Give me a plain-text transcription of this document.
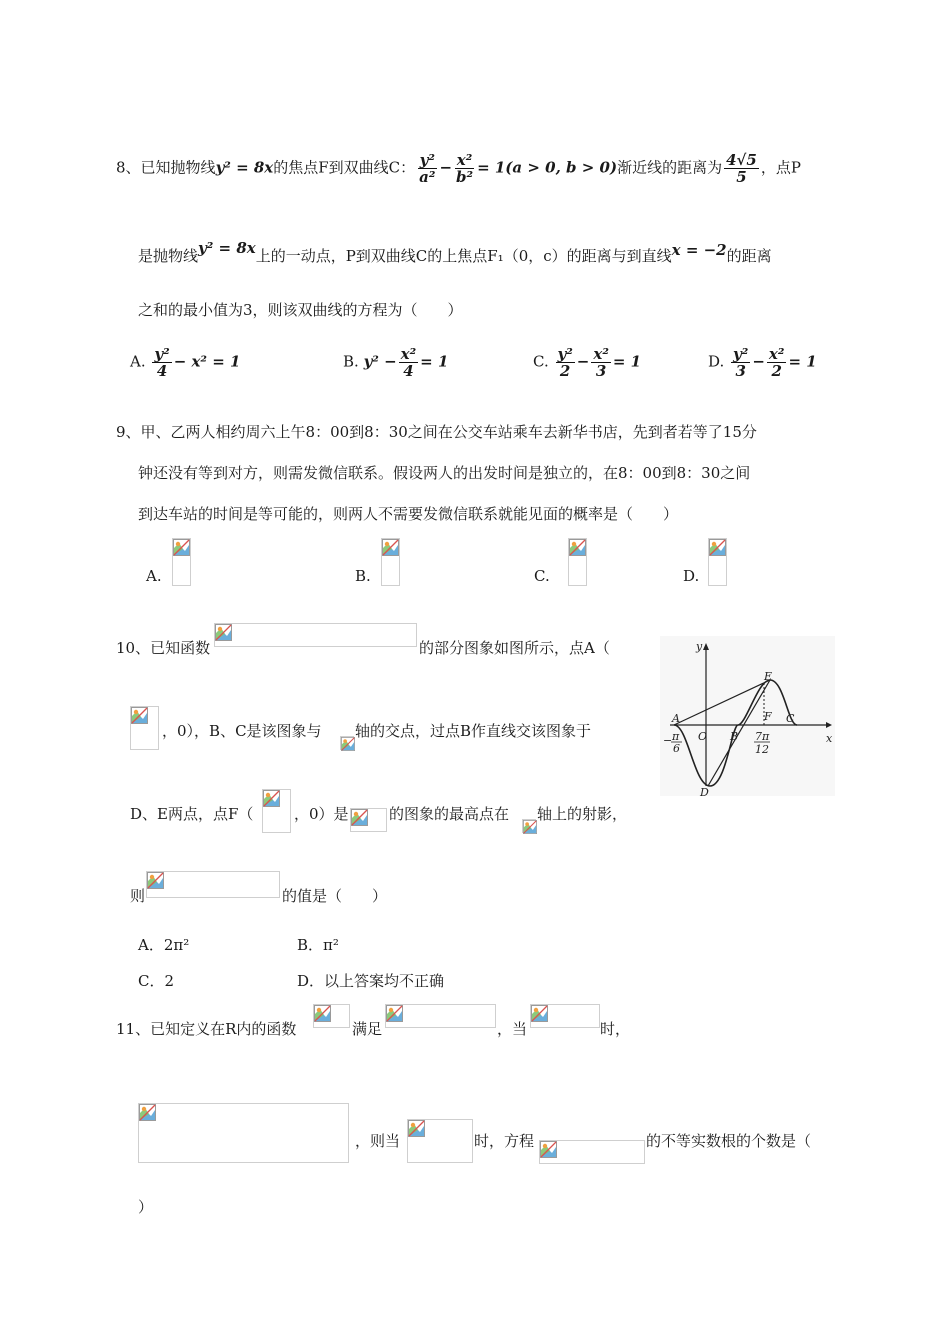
8、已知抛物线y² = 8x的焦点F到双曲线C： $\frac{\text{y²}}{\text{a²}} - \frac{\text{x²}}{\text{b²}} = 1(a > 0$, b > 0)渐近线的距离为 $\frac{4√5}{5}$ ，点P
是抛物线y² = 8x上的一动点，P到双曲线C的上焦点F₁（0，c）的距离与到直线x = −2的距离
之和的最小值为3，则该双曲线的方程为（　　）
A. $\frac{\text{y²}}{4} - x^2 = 1$	B. $y^2 - \frac{\text{x²}}{4} = 1$	C. $\frac{\text{y²}}{2} - \frac{\text{x²}}{3} = 1$	D. $\frac{\text{y²}}{3} - \frac{\text{x²}}{2} = 1$
9、甲、乙两人相约周六上午8：00到8：30之间在公交车站乘车去新华书店，先到者若等了15分
钟还没有等到对方，则需发微信联系。假设两人的出发时间是独立的，在8：00到8：30之间
到达车站的时间是等可能的，则两人不需要发微信联系就能见面的概率是（　　）
A.	B.	C.	D.
10、已知函数	的部分图象如图所示，点A（
，0），B、C是该图象与 轴的交点，过点B作直线交该图象于
D、E两点，点F（	，0）是	的图象的最高点在 轴上的射影，
则	的值是（　　）
A．2π²	B．π²
C．2	D．以上答案均不正确
y
x
A
O B
C
E
F
D
− π
6
7π
12
11、已知定义在R内的函数	满足	，当	时，
，则当	时，方程	的不等实数根的个数是（
）
